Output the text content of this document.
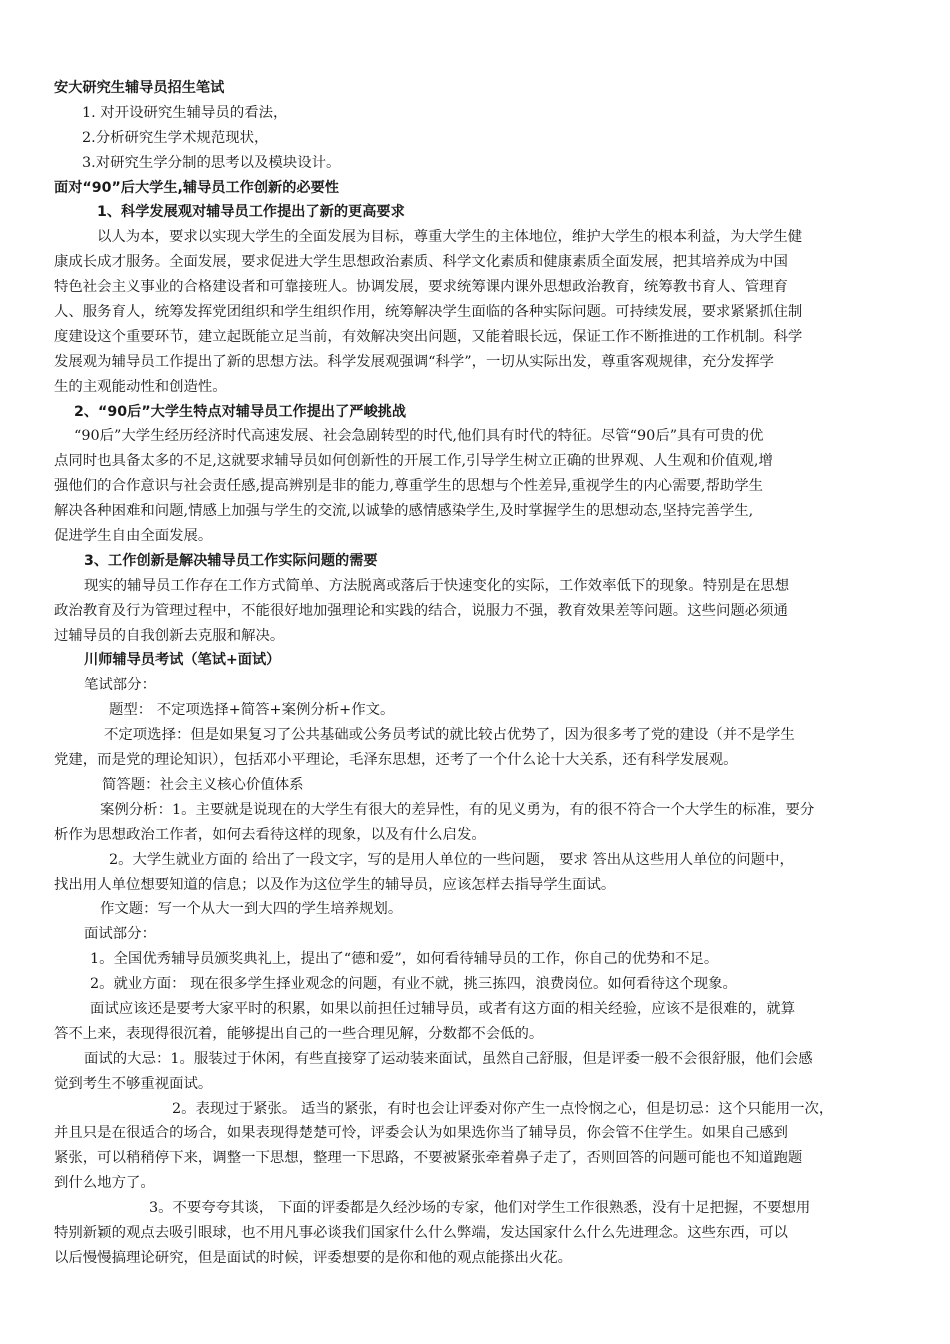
安大研究生辅导员招生笔试
1. 对开设研究生辅导员的看法，
2.分析研究生学术规范现状，
3.对研究生学分制的思考以及模块设计。
面对“90”后大学生,辅导员工作创新的必要性
1、科学发展观对辅导员工作提出了新的更高要求
以人为本，要求以实现大学生的全面发展为目标，尊重大学生的主体地位，维护大学生的根本利益，为大学生健
康成长成才服务。全面发展，要求促进大学生思想政治素质、科学文化素质和健康素质全面发展，把其培养成为中国
特色社会主义事业的合格建设者和可靠接班人。协调发展，要求统筹课内课外思想政治教育，统筹教书育人、管理育
人、服务育人，统筹发挥党团组织和学生组织作用，统筹解决学生面临的各种实际问题。可持续发展，要求紧紧抓住制
度建设这个重要环节，建立起既能立足当前，有效解决突出问题，又能着眼长远，保证工作不断推进的工作机制。科学
发展观为辅导员工作提出了新的思想方法。科学发展观强调“科学”，一切从实际出发，尊重客观规律，充分发挥学
生的主观能动性和创造性。
2、“90后”大学生特点对辅导员工作提出了严峻挑战
“90后”大学生经历经济时代高速发展、社会急剧转型的时代,他们具有时代的特征。尽管“90后”具有可贵的优
点同时也具备太多的不足,这就要求辅导员如何创新性的开展工作,引导学生树立正确的世界观、人生观和价值观,增
强他们的合作意识与社会责任感,提高辨别是非的能力,尊重学生的思想与个性差异,重视学生的内心需要,帮助学生
解决各种困难和问题,情感上加强与学生的交流,以诚挚的感情感染学生,及时掌握学生的思想动态,坚持完善学生,
促进学生自由全面发展。
3、工作创新是解决辅导员工作实际问题的需要
现实的辅导员工作存在工作方式简单、方法脱离或落后于快速变化的实际，工作效率低下的现象。特别是在思想
政治教育及行为管理过程中，不能很好地加强理论和实践的结合，说服力不强，教育效果差等问题。这些问题必须通
过辅导员的自我创新去克服和解决。
川师辅导员考试（笔试+面试）
笔试部分：
题型： 不定项选择+简答+案例分析+作文。
不定项选择：但是如果复习了公共基础或公务员考试的就比较占优势了，因为很多考了党的建设（并不是学生
党建，而是党的理论知识），包括邓小平理论，毛泽东思想，还考了一个什么论十大关系，还有科学发展观。
简答题：社会主义核心价值体系
案例分析：1。主要就是说现在的大学生有很大的差异性，有的见义勇为，有的很不符合一个大学生的标准，要分
析作为思想政治工作者，如何去看待这样的现象，以及有什么启发。
2。大学生就业方面的 给出了一段文字，写的是用人单位的一些问题， 要求 答出从这些用人单位的问题中，
找出用人单位想要知道的信息；以及作为这位学生的辅导员，应该怎样去指导学生面试。
作文题：写一个从大一到大四的学生培养规划。
面试部分：
1。全国优秀辅导员颁奖典礼上，提出了“德和爱”，如何看待辅导员的工作，你自己的优势和不足。
2。就业方面： 现在很多学生择业观念的问题，有业不就，挑三拣四，浪费岗位。如何看待这个现象。
面试应该还是要考大家平时的积累，如果以前担任过辅导员，或者有这方面的相关经验，应该不是很难的，就算
答不上来，表现得很沉着，能够提出自己的一些合理见解，分数都不会低的。
面试的大忌：1。服装过于休闲，有些直接穿了运动装来面试，虽然自己舒服，但是评委一般不会很舒服，他们会感
觉到考生不够重视面试。
2。表现过于紧张。 适当的紧张，有时也会让评委对你产生一点怜悯之心，但是切忌：这个只能用一次，
并且只是在很适合的场合，如果表现得楚楚可怜，评委会认为如果选你当了辅导员，你会管不住学生。如果自己感到
紧张，可以稍稍停下来，调整一下思想，整理一下思路，不要被紧张牵着鼻子走了，否则回答的问题可能也不知道跑题
到什么地方了。
3。不要夸夸其谈， 下面的评委都是久经沙场的专家，他们对学生工作很熟悉，没有十足把握，不要想用
特别新颖的观点去吸引眼球，也不用凡事必谈我们国家什么什么弊端，发达国家什么什么先进理念。这些东西，可以
以后慢慢搞理论研究，但是面试的时候，评委想要的是你和他的观点能搽出火花。
